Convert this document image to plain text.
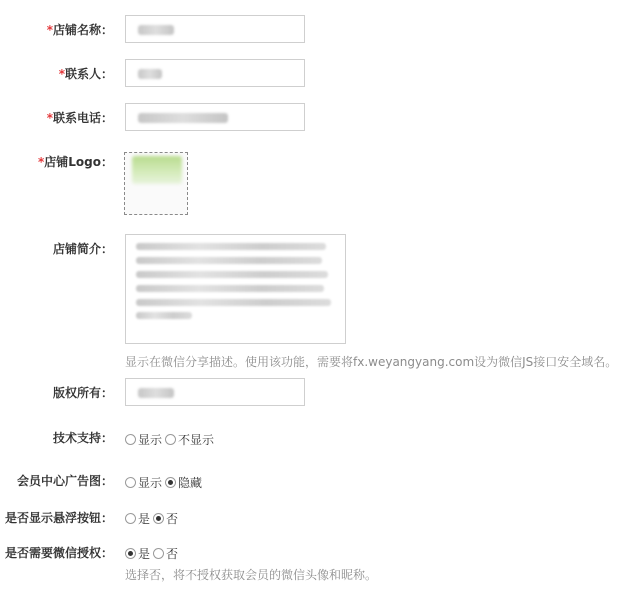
*店铺名称：
*联系人：
*联系电话：
*店铺Logo：
店铺简介：
显示在微信分享描述。使用该功能，需要将fx.weyangyang.com设为微信JS接口安全域名。
版权所有：
技术支持： 显示 不显示
会员中心广告图： 显示 隐藏
是否显示悬浮按钮： 是 否
是否需要微信授权： 是 否
选择否，将不授权获取会员的微信头像和昵称。
